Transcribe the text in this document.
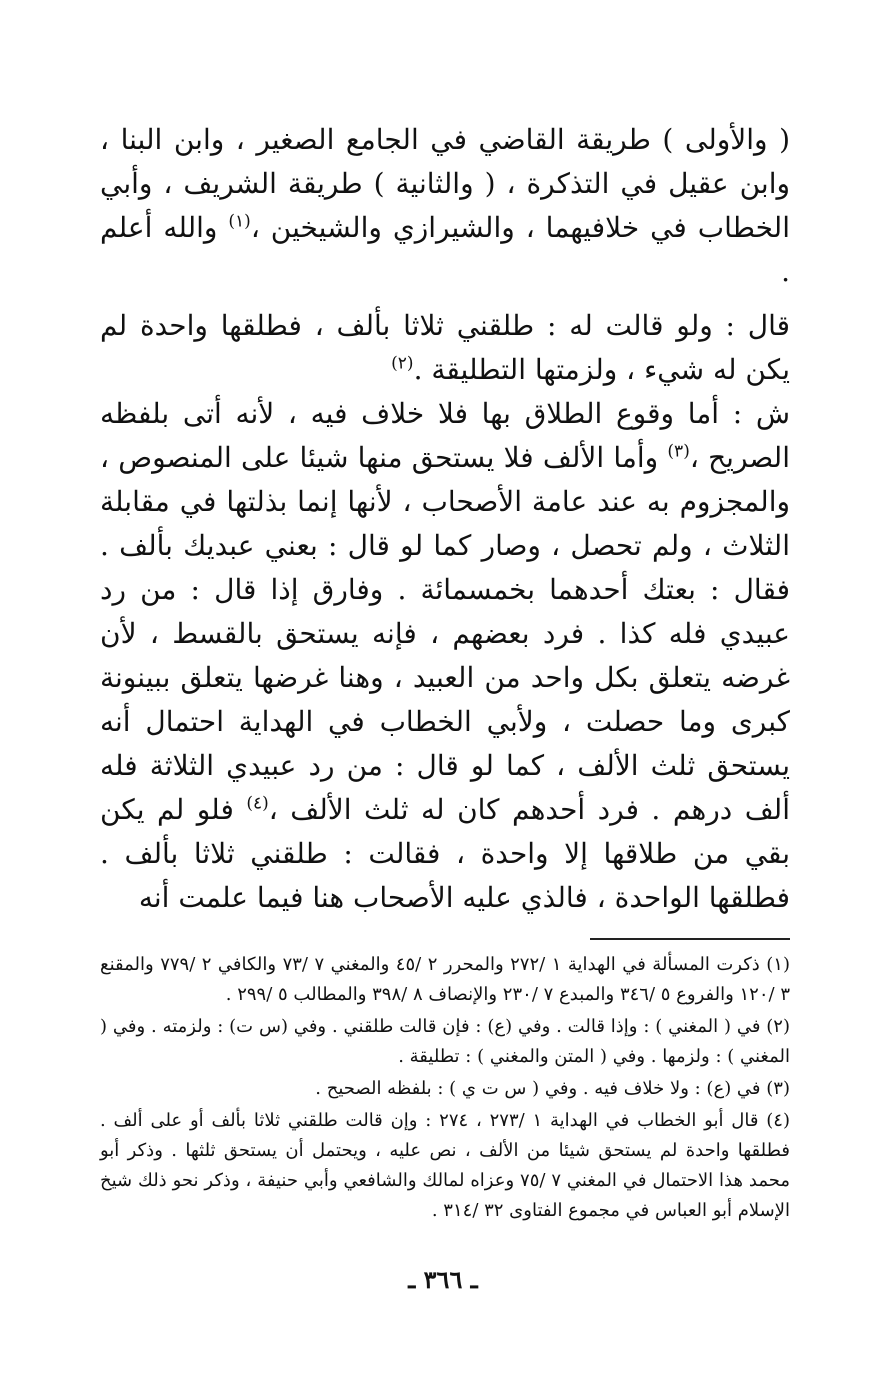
( والأولى ) طريقة القاضي في الجامع الصغير ، وابن البنا ، وابن عقيل في التذكرة ، ( والثانية ) طريقة الشريف ، وأبي الخطاب في خلافيهما ، والشيرازي والشيخين ،$^{(١)}$ والله أعلم .

قال : ولو قالت له : طلقني ثلاثا بألف ، فطلقها واحدة لم يكن له شيء ، ولزمتها التطليقة .$^{(٢)}$

ش : أما وقوع الطلاق بها فلا خلاف فيه ، لأنه أتى بلفظه الصريح ،$^{(٣)}$ وأما الألف فلا يستحق منها شيئا على المنصوص ، والمجزوم به عند عامة الأصحاب ، لأنها إنما بذلتها في مقابلة الثلاث ، ولم تحصل ، وصار كما لو قال : بعني عبديك بألف . فقال : بعتك أحدهما بخمسمائة . وفارق إذا قال : من رد عبيدي فله كذا . فرد بعضهم ، فإنه يستحق بالقسط ، لأن غرضه يتعلق بكل واحد من العبيد ، وهنا غرضها يتعلق ببينونة كبرى وما حصلت ، ولأبي الخطاب في الهداية احتمال أنه يستحق ثلث الألف ، كما لو قال : من رد عبيدي الثلاثة فله ألف درهم . فرد أحدهم كان له ثلث الألف ،$^{(٤)}$ فلو لم يكن بقي من طلاقها إلا واحدة ، فقالت : طلقني ثلاثا بألف . فطلقها الواحدة ، فالذي عليه الأصحاب هنا فيما علمت أنه

(١) ذكرت المسألة في الهداية ١ /٢٧٢ والمحرر ٢ /٤٥ والمغني ٧ /٧٣ والكافي ٢ /٧٧٩ والمقنع ٣ /١٢٠ والفروع ٥ /٣٤٦ والمبدع ٧ /٢٣٠ والإنصاف ٨ /٣٩٨ والمطالب ٥ /٢٩٩ .

(٢) في ( المغني ) : وإذا قالت . وفي (ع) : فإن قالت طلقني . وفي (س ت) : ولزمته . وفي ( المغني ) : ولزمها . وفي ( المتن والمغني ) : تطليقة .

(٣) في (ع) : ولا خلاف فيه . وفي ( س ت ي ) : بلفظه الصحيح .

(٤) قال أبو الخطاب في الهداية ١ /٢٧٣ ، ٢٧٤ : وإن قالت طلقني ثلاثا بألف أو على ألف . فطلقها واحدة لم يستحق شيئا من الألف ، نص عليه ، ويحتمل أن يستحق ثلثها . وذكر أبو محمد هذا الاحتمال في المغني ٧ /٧٥ وعزاه لمالك والشافعي وأبي حنيفة ، وذكر نحو ذلك شيخ الإسلام أبو العباس في مجموع الفتاوى ٣٢ /٣١٤ .

ـ ٣٦٦ ـ
